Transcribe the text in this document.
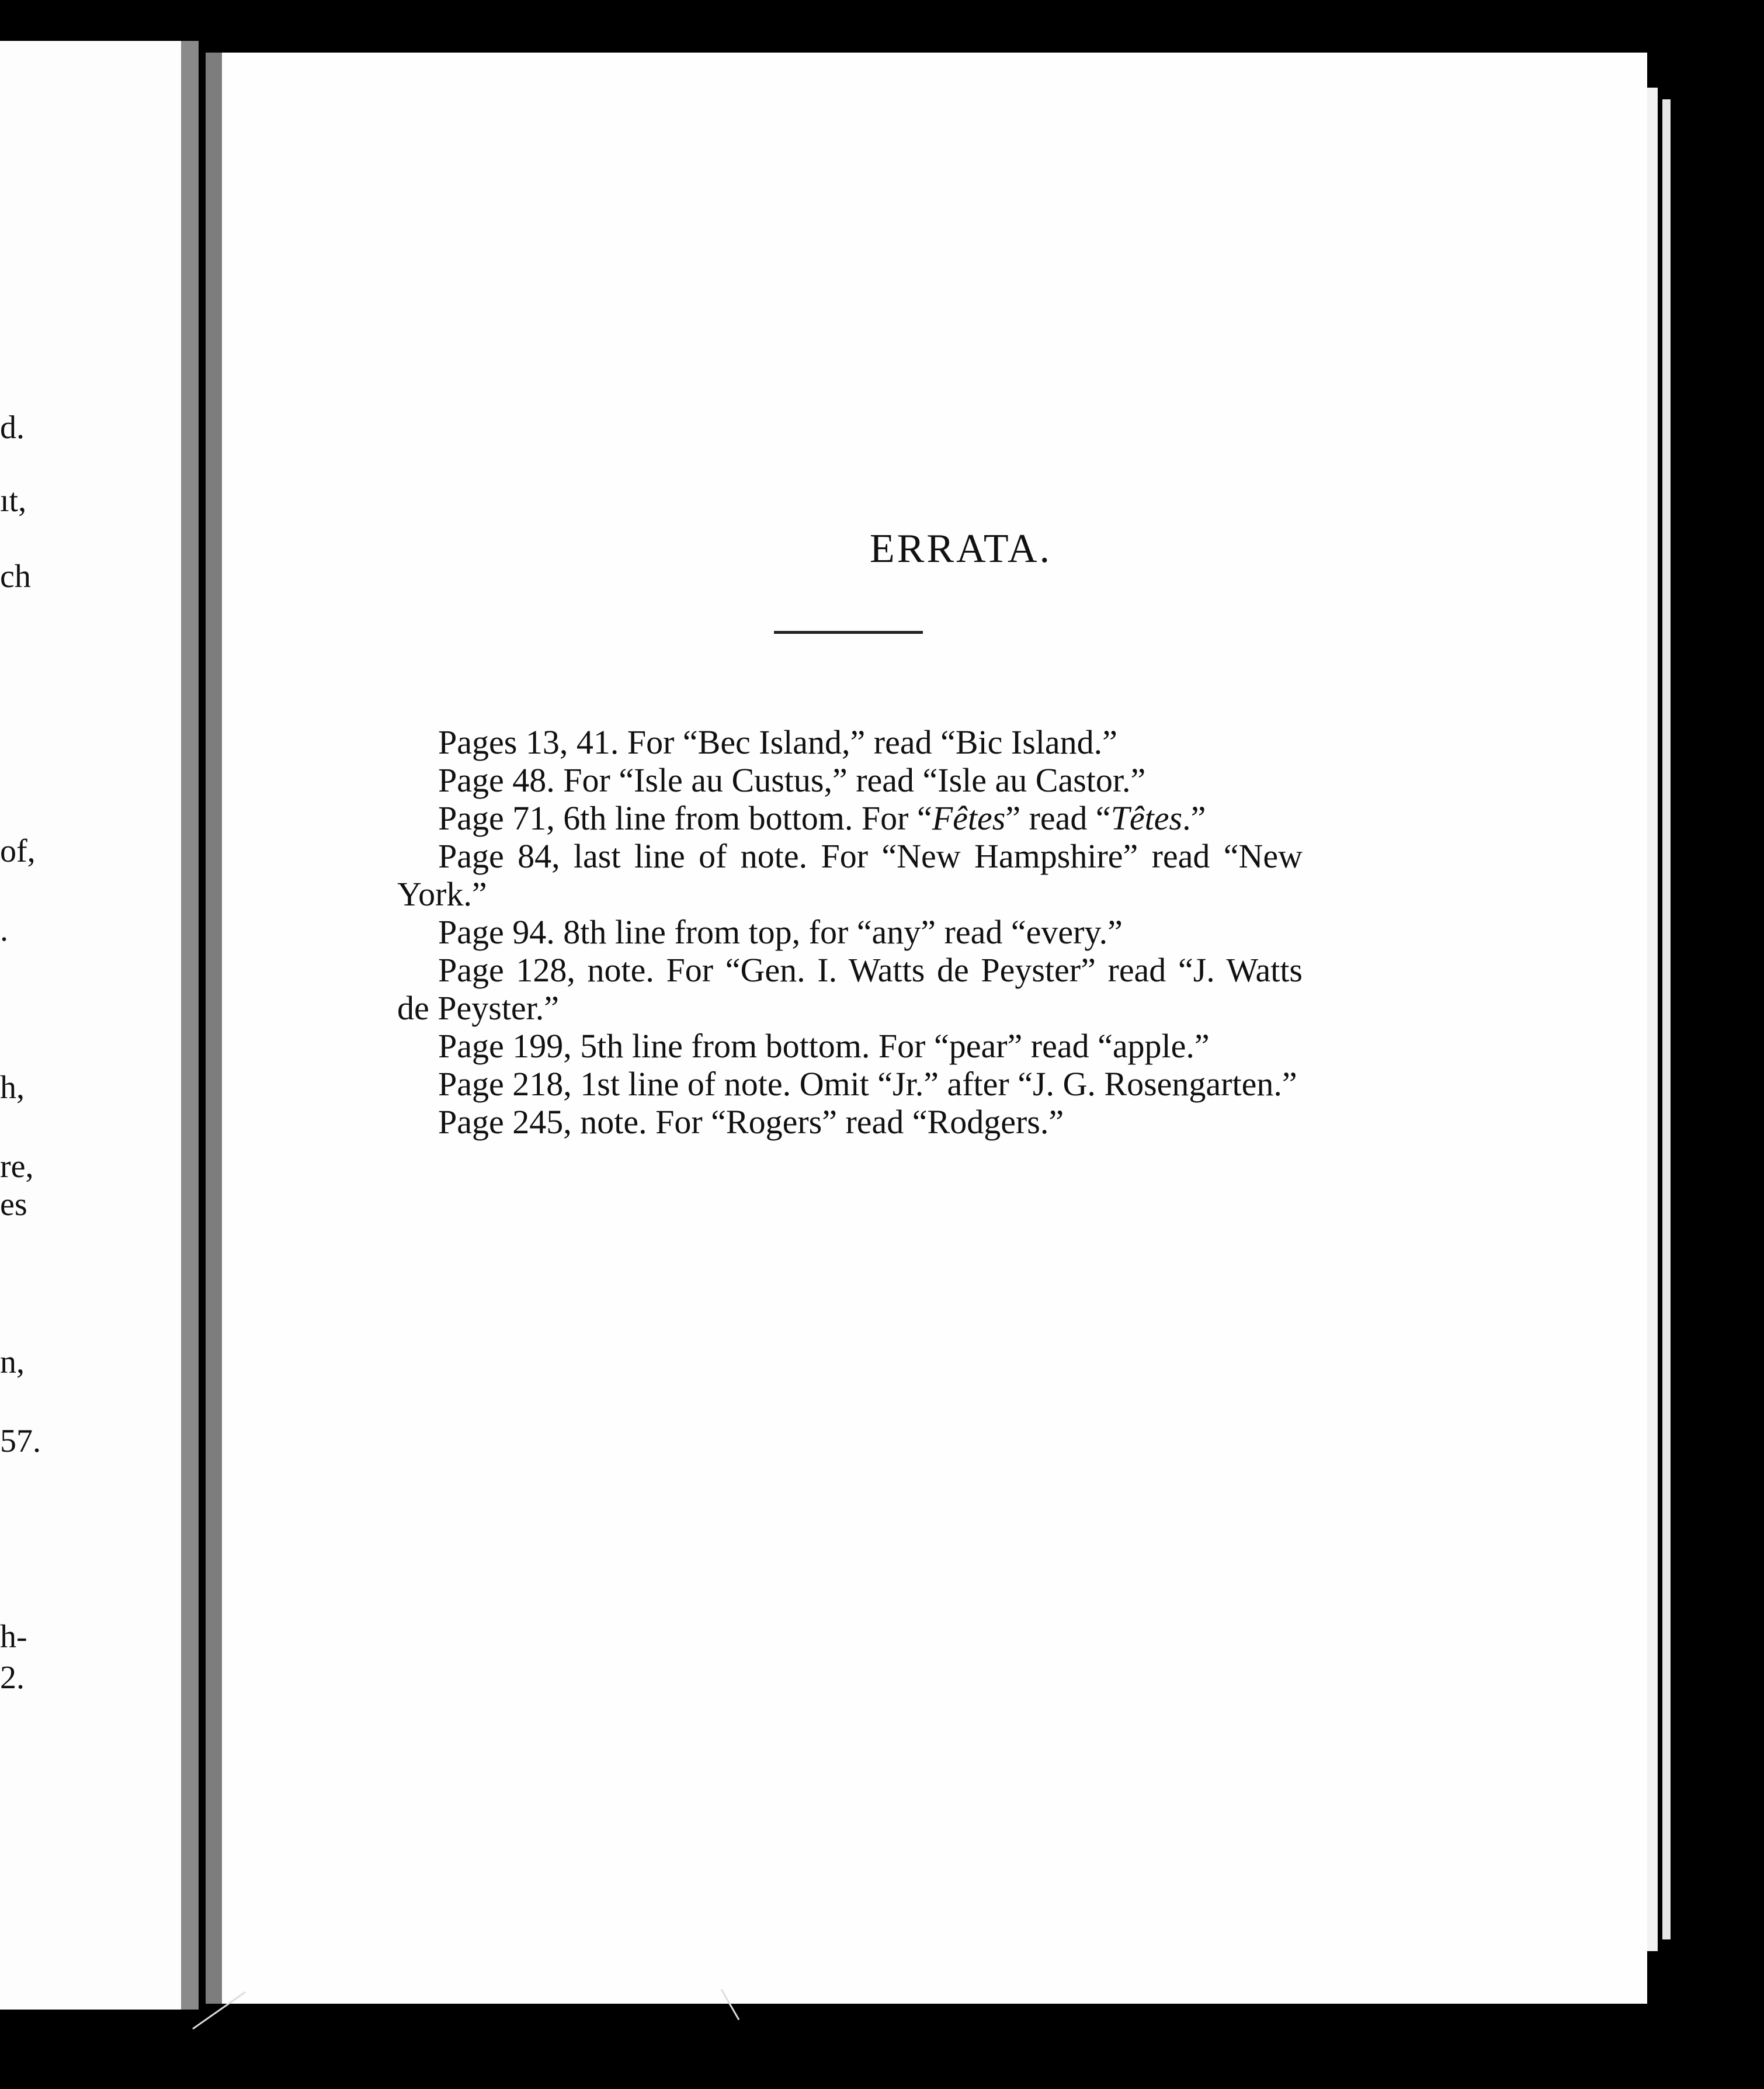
d.
ıt,
ch
of,
.
h,
re,
es
n,
57.
h-
2.
ERRATA.

Pages 13, 41. For “Bec Island,” read “Bic Island.”

Page 48. For “Isle au Custus,” read “Isle au Castor.”

Page 71, 6th line from bottom. For “Fêtes” read “Têtes.”

Page 84, last line of note. For “New Hampshire” read “New York.”

Page 94. 8th line from top, for “any” read “every.”

Page 128, note. For “Gen. I. Watts de Peyster” read “J. Watts de Peyster.”

Page 199, 5th line from bottom. For “pear” read “apple.”

Page 218, 1st line of note. Omit “Jr.” after “J. G. Rosengarten.”

Page 245, note. For “Rogers” read “Rodgers.”
